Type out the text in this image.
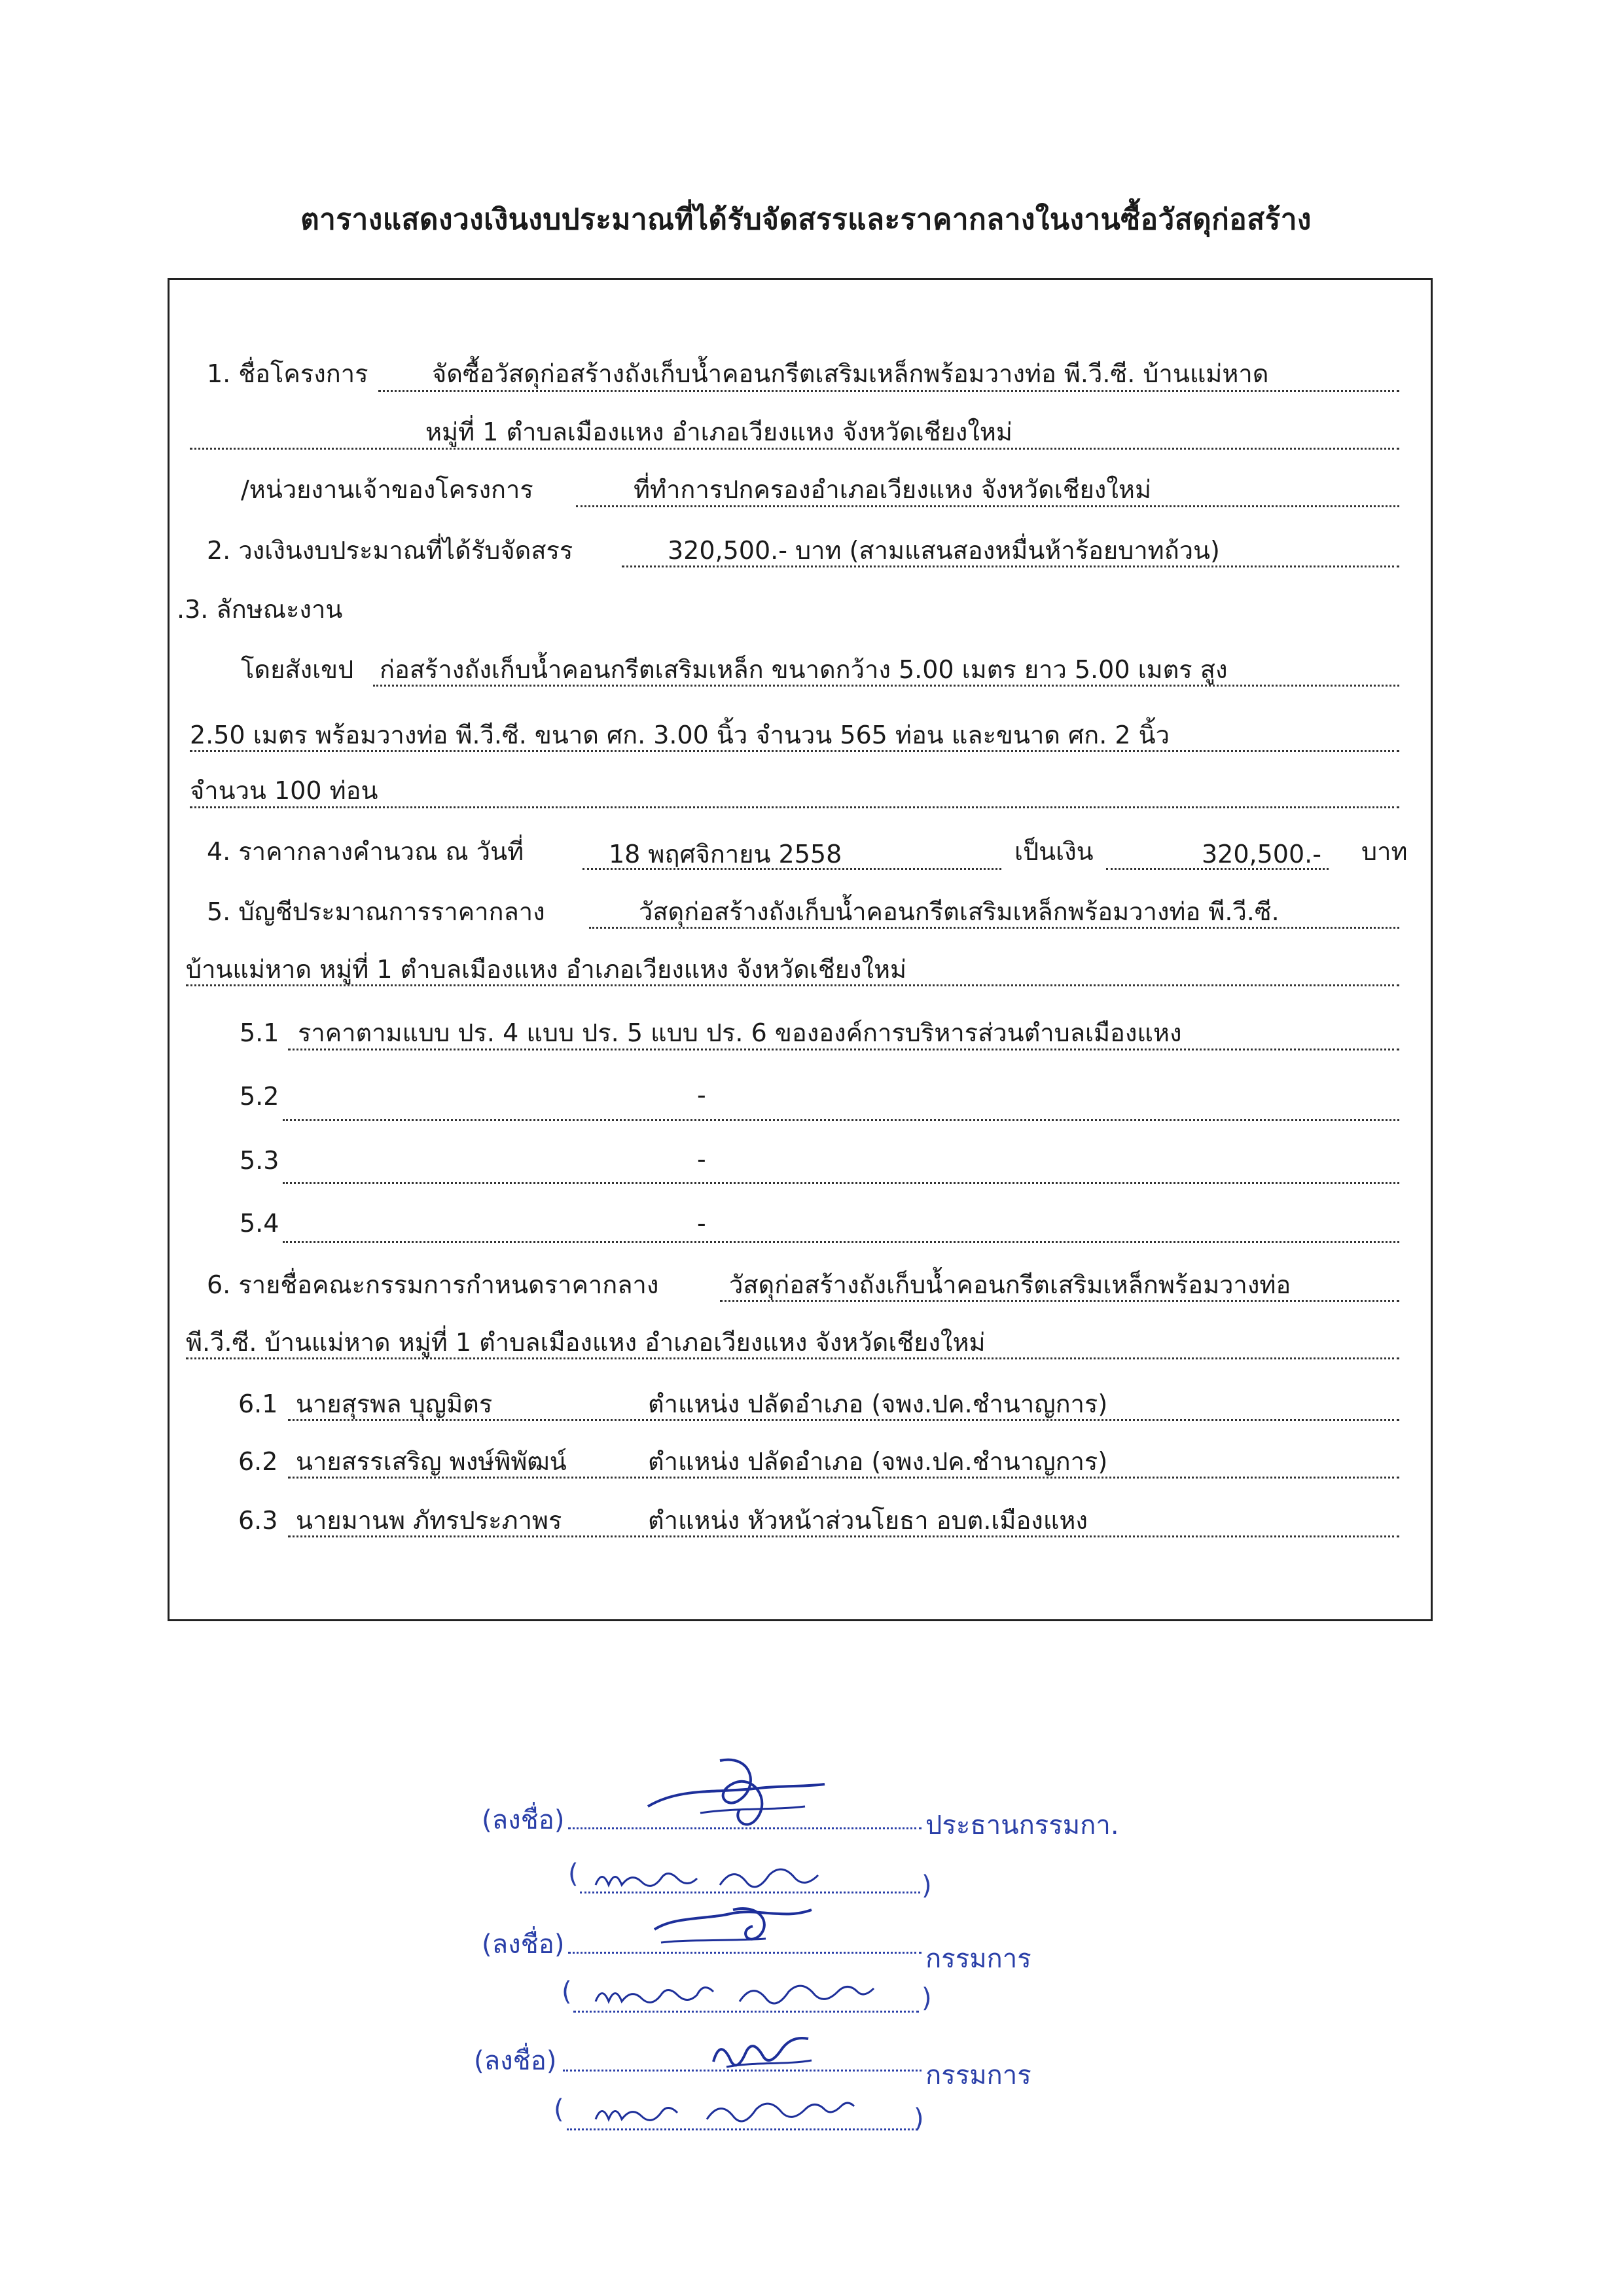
ตารางแสดงวงเงินงบประมาณที่ได้รับจัดสรรและราคากลางในงานซื้อวัสดุก่อสร้าง
1. ชื่อโครงการ	จัดซื้อวัสดุก่อสร้างถังเก็บน้ำคอนกรีตเสริมเหล็กพร้อมวางท่อ พี.วี.ซี. บ้านแม่หาด
หมู่ที่ 1 ตำบลเมืองแหง อำเภอเวียงแหง จังหวัดเชียงใหม่
/หน่วยงานเจ้าของโครงการ	ที่ทำการปกครองอำเภอเวียงแหง จังหวัดเชียงใหม่
2. วงเงินงบประมาณที่ได้รับจัดสรร	320,500.- บาท (สามแสนสองหมื่นห้าร้อยบาทถ้วน)
.3. ลักษณะงาน
โดยสังเขป ก่อสร้างถังเก็บน้ำคอนกรีตเสริมเหล็ก ขนาดกว้าง 5.00 เมตร ยาว 5.00 เมตร สูง
2.50 เมตร พร้อมวางท่อ พี.วี.ซี. ขนาด ศก. 3.00 นิ้ว จำนวน 565 ท่อน และขนาด ศก. 2 นิ้ว
จำนวน 100 ท่อน
4. ราคากลางคำนวณ ณ วันที่	18 พฤศจิกายน 2558	เป็นเงิน	320,500.- บาท
5. บัญชีประมาณการราคากลาง	วัสดุก่อสร้างถังเก็บน้ำคอนกรีตเสริมเหล็กพร้อมวางท่อ พี.วี.ซี.
บ้านแม่หาด หมู่ที่ 1 ตำบลเมืองแหง อำเภอเวียงแหง จังหวัดเชียงใหม่
5.1 ราคาตามแบบ ปร. 4 แบบ ปร. 5 แบบ ปร. 6 ขององค์การบริหารส่วนตำบลเมืองแหง
5.2	-
5.3	-
5.4	-
6. รายชื่อคณะกรรมการกำหนดราคากลาง	วัสดุก่อสร้างถังเก็บน้ำคอนกรีตเสริมเหล็กพร้อมวางท่อ
พี.วี.ซี. บ้านแม่หาด หมู่ที่ 1 ตำบลเมืองแหง อำเภอเวียงแหง จังหวัดเชียงใหม่
6.1 นายสุรพล บุญมิตร	ตำแหน่ง ปลัดอำเภอ (จพง.ปค.ชำนาญการ)
6.2 นายสรรเสริญ พงษ์พิพัฒน์	ตำแหน่ง ปลัดอำเภอ (จพง.ปค.ชำนาญการ)
6.3 นายมานพ ภัทรประภาพร	ตำแหน่ง หัวหน้าส่วนโยธา อบต.เมืองแหง
(ลงชื่อ)	ประธานกรรมกา.
(	)
(ลงชื่อ)	กรรมการ
(	)
(ลงชื่อ)	กรรมการ
(	)
